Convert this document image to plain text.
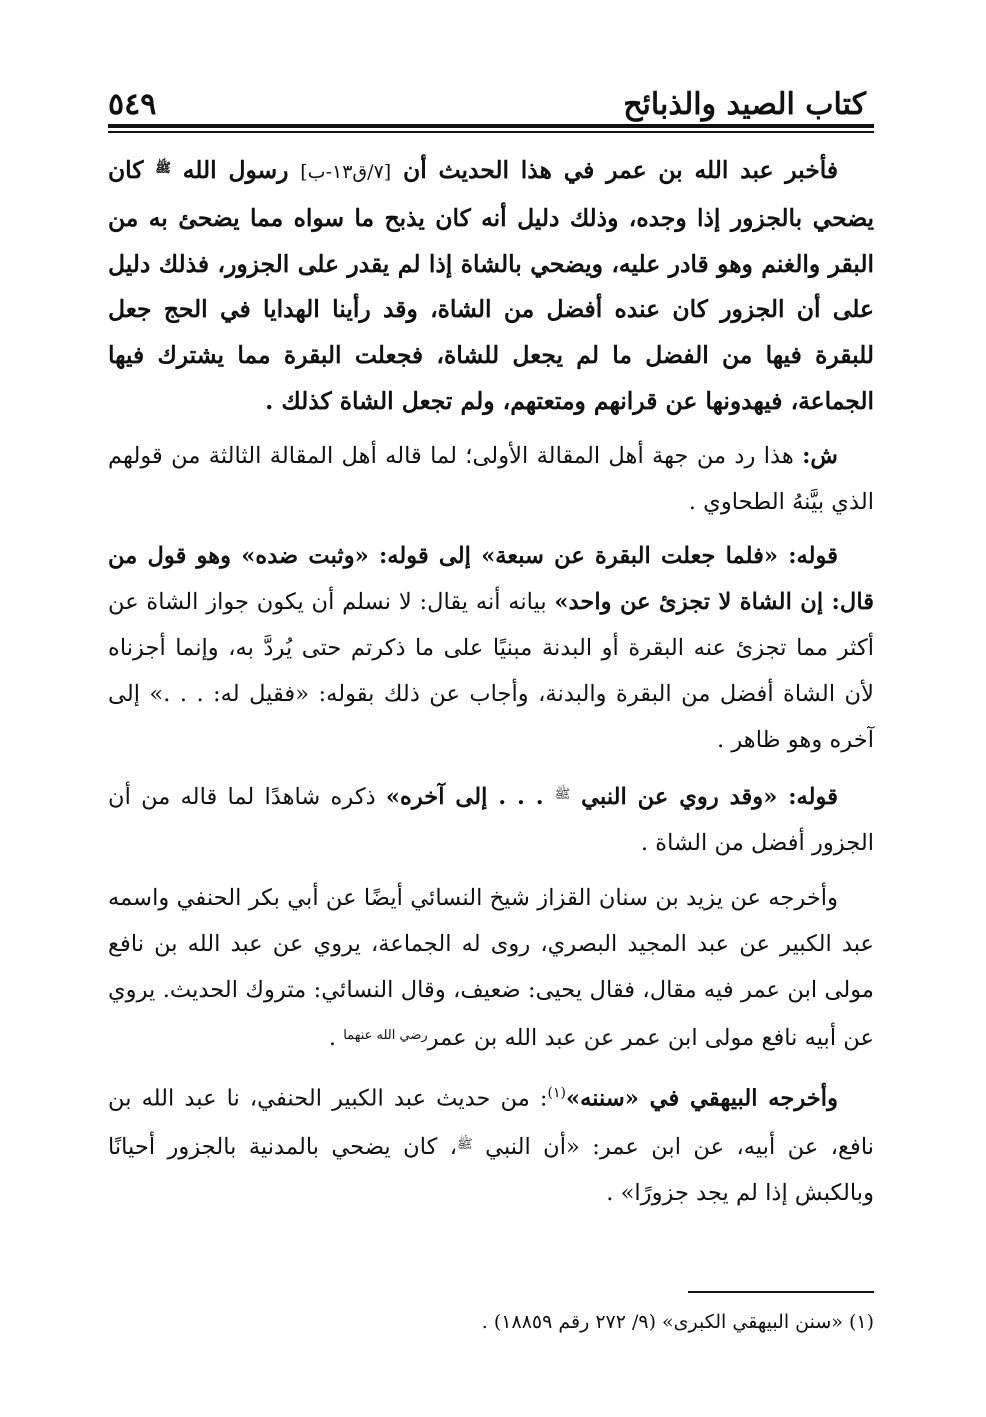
كتاب الصيد والذبائح
٥٤٩

فأخبر عبد الله بن عمر في هذا الحديث أن [٧/ق١٣-ب] رسول الله $^ﷺ$ كان يضحي بالجزور إذا وجده، وذلك دليل أنه كان يذبح ما سواه مما يضحئ به من البقر والغنم وهو قادر عليه، ويضحي بالشاة إذا لم يقدر على الجزور، فذلك دليل على أن الجزور كان عنده أفضل من الشاة، وقد رأينا الهدايا في الحج جعل للبقرة فيها من الفضل ما لم يجعل للشاة، فجعلت البقرة مما يشترك فيها الجماعة، فيهدونها عن قرانهم ومتعتهم، ولم تجعل الشاة كذلك .

ش: هذا رد من جهة أهل المقالة الأولى؛ لما قاله أهل المقالة الثالثة من قولهم الذي بيَّنهُ الطحاوي .

قوله: «فلما جعلت البقرة عن سبعة» إلى قوله: «وثبت ضده» وهو قول من قال: إن الشاة لا تجزئ عن واحد» بيانه أنه يقال: لا نسلم أن يكون جواز الشاة عن أكثر مما تجزئ عنه البقرة أو البدنة مبنيًا على ما ذكرتم حتى يُردَّ به، وإنما أجزناه لأن الشاة أفضل من البقرة والبدنة، وأجاب عن ذلك بقوله: «فقيل له: . . .» إلى آخره وهو ظاهر .

قوله: «وقد روي عن النبي $^ﷺ$ . . . إلى آخره» ذكره شاهدًا لما قاله من أن الجزور أفضل من الشاة .

وأخرجه عن يزيد بن سنان القزاز شيخ النسائي أيضًا عن أبي بكر الحنفي واسمه عبد الكبير عن عبد المجيد البصري، روى له الجماعة، يروي عن عبد الله بن نافع مولى ابن عمر فيه مقال، فقال يحيى: ضعيف، وقال النسائي: متروك الحديث. يروي عن أبيه نافع مولى ابن عمر عن عبد الله بن عمر$^{رضي الله عنهما}$ .

وأخرجه البيهقي في «سننه»$^{(١)}$: من حديث عبد الكبير الحنفي، نا عبد الله بن نافع، عن أبيه، عن ابن عمر: «أن النبي $^ﷺ$، كان يضحي بالمدنية بالجزور أحيانًا وبالكبش إذا لم يجد جزورًا» .

(١) «سنن البيهقي الكبرى» (٩/ ٢٧٢ رقم ١٨٨٥٩) .
